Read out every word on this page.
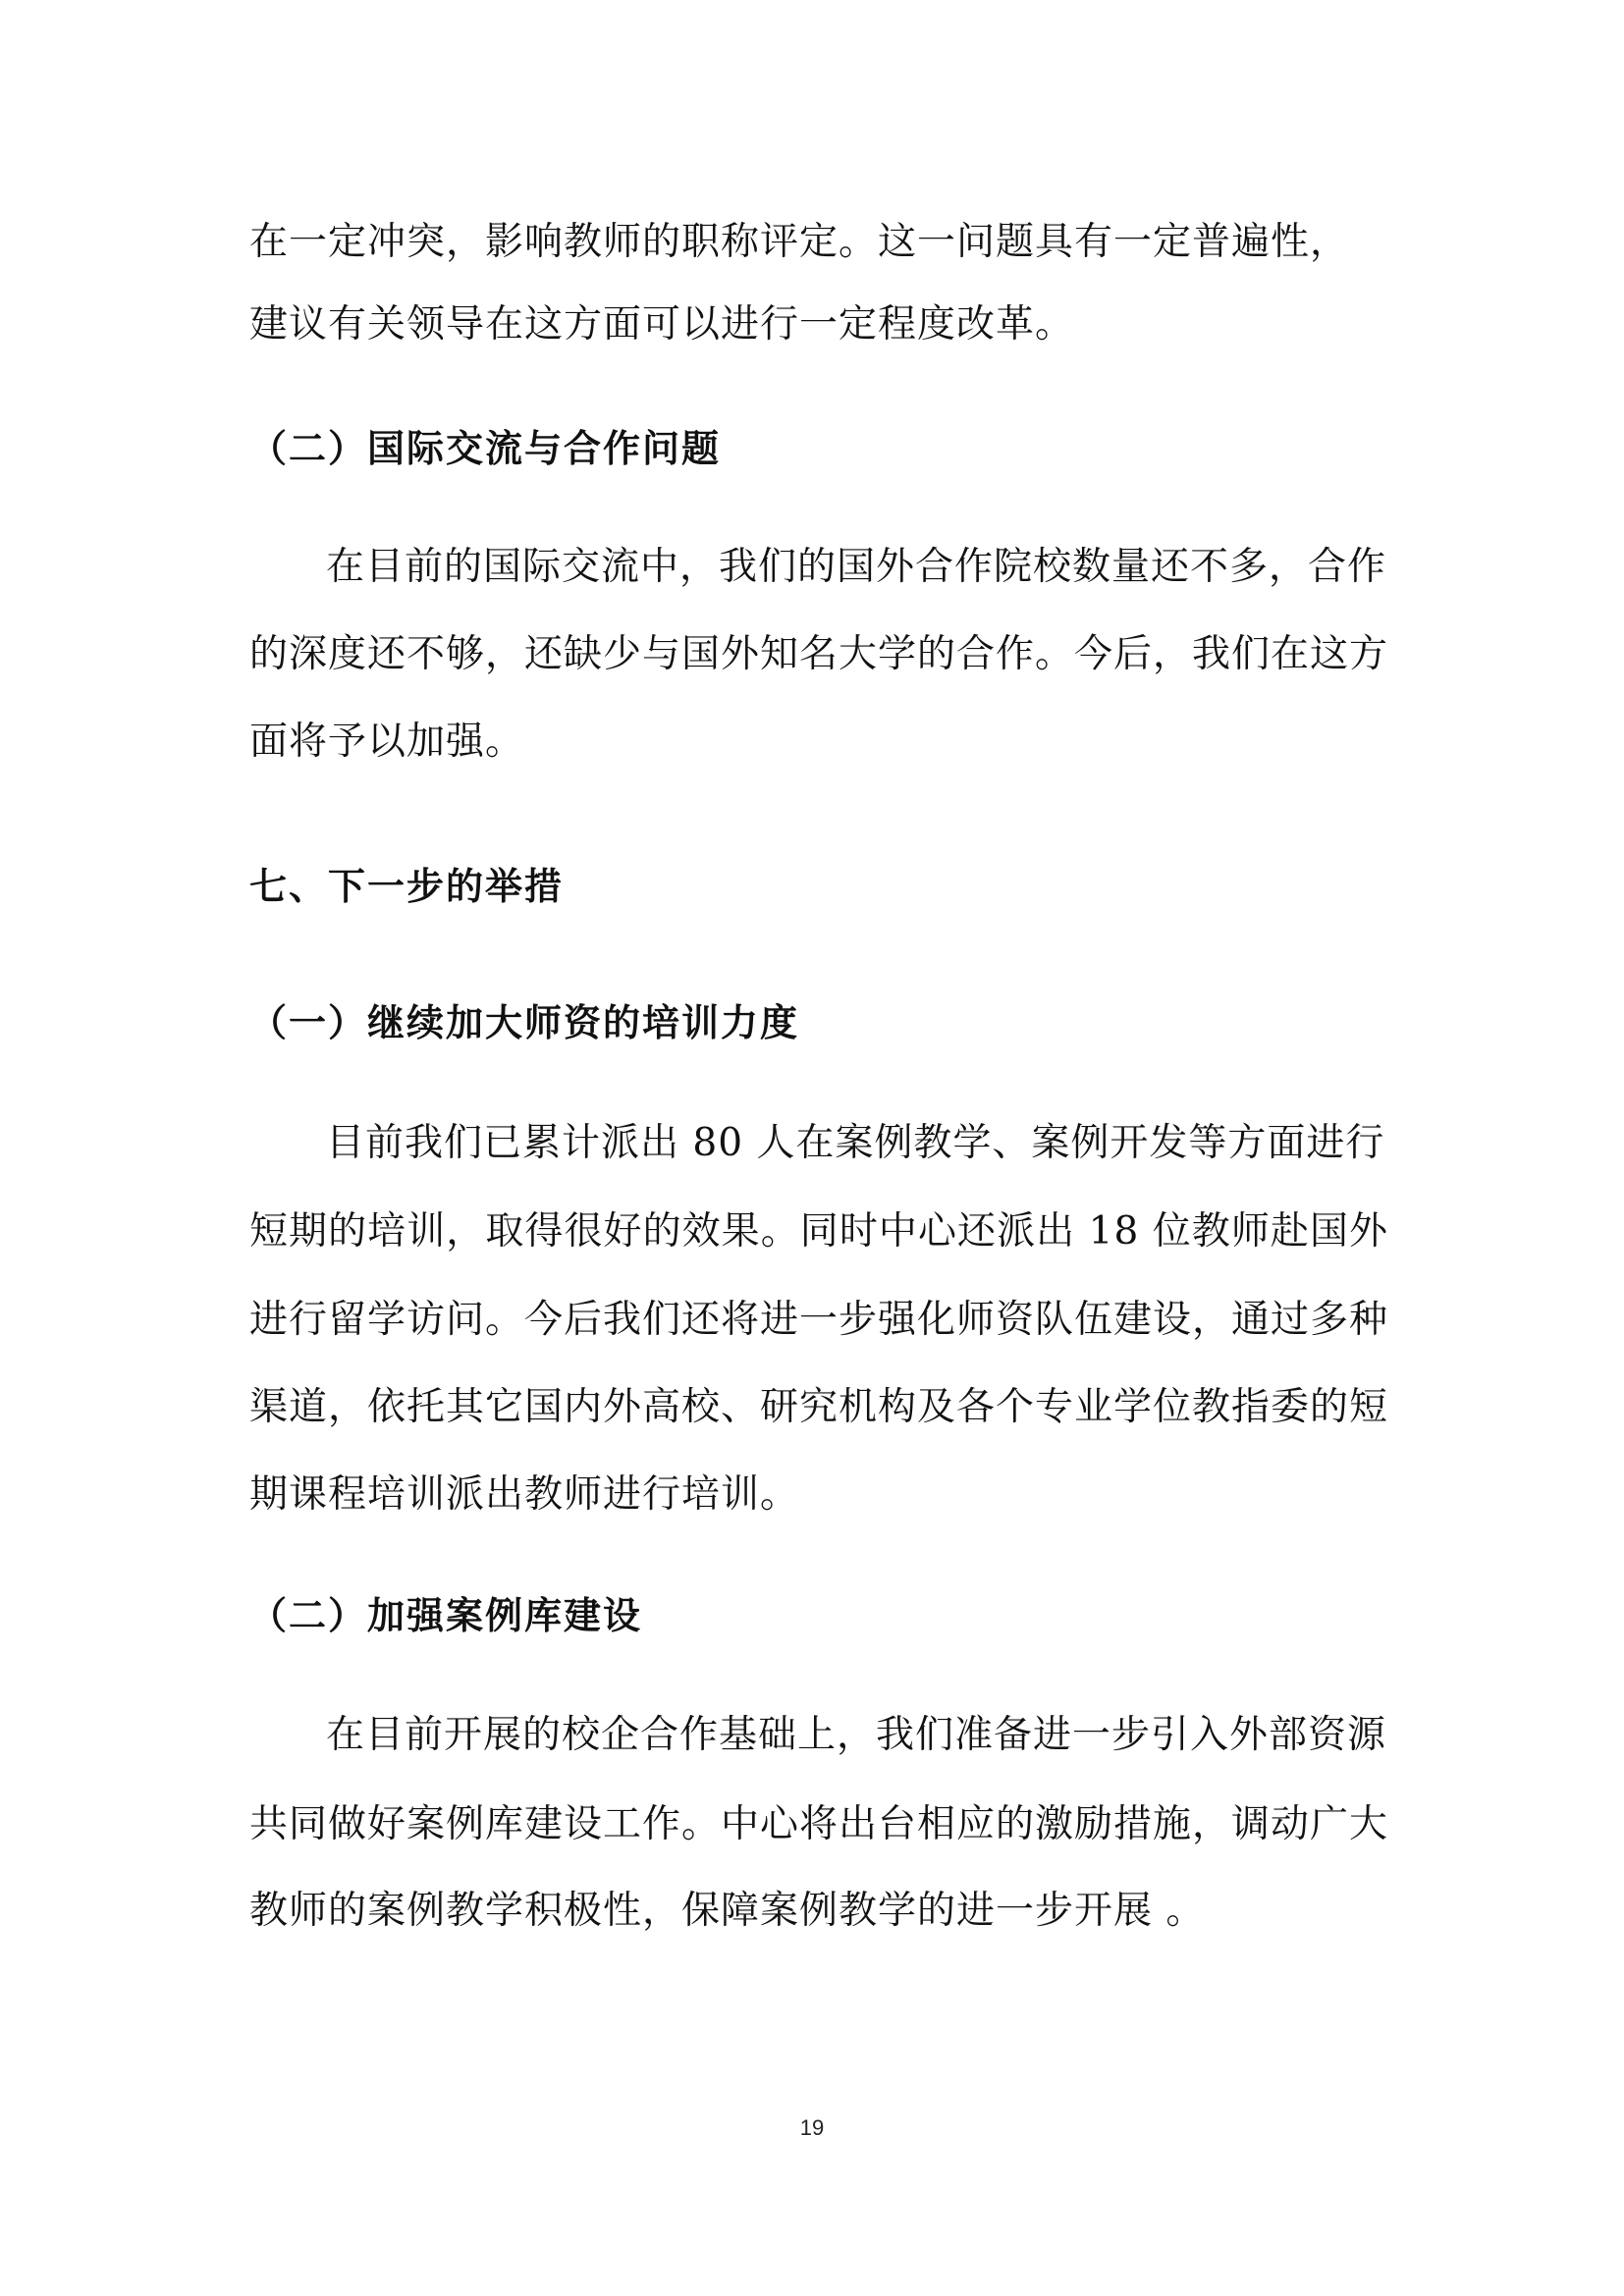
在一定冲突，影响教师的职称评定。这一问题具有一定普遍性，
建议有关领导在这方面可以进行一定程度改革。
（二）国际交流与合作问题
在目前的国际交流中，我们的国外合作院校数量还不多，合作
的深度还不够，还缺少与国外知名大学的合作。今后，我们在这方
面将予以加强。
七、下一步的举措
（一）继续加大师资的培训力度
目前我们已累计派出 80 人在案例教学、案例开发等方面进行
短期的培训，取得很好的效果。同时中心还派出 18 位教师赴国外
进行留学访问。今后我们还将进一步强化师资队伍建设，通过多种
渠道，依托其它国内外高校、研究机构及各个专业学位教指委的短
期课程培训派出教师进行培训。
（二）加强案例库建设
在目前开展的校企合作基础上，我们准备进一步引入外部资源
共同做好案例库建设工作。中心将出台相应的激励措施，调动广大
教师的案例教学积极性，保障案例教学的进一步开展 。
19
